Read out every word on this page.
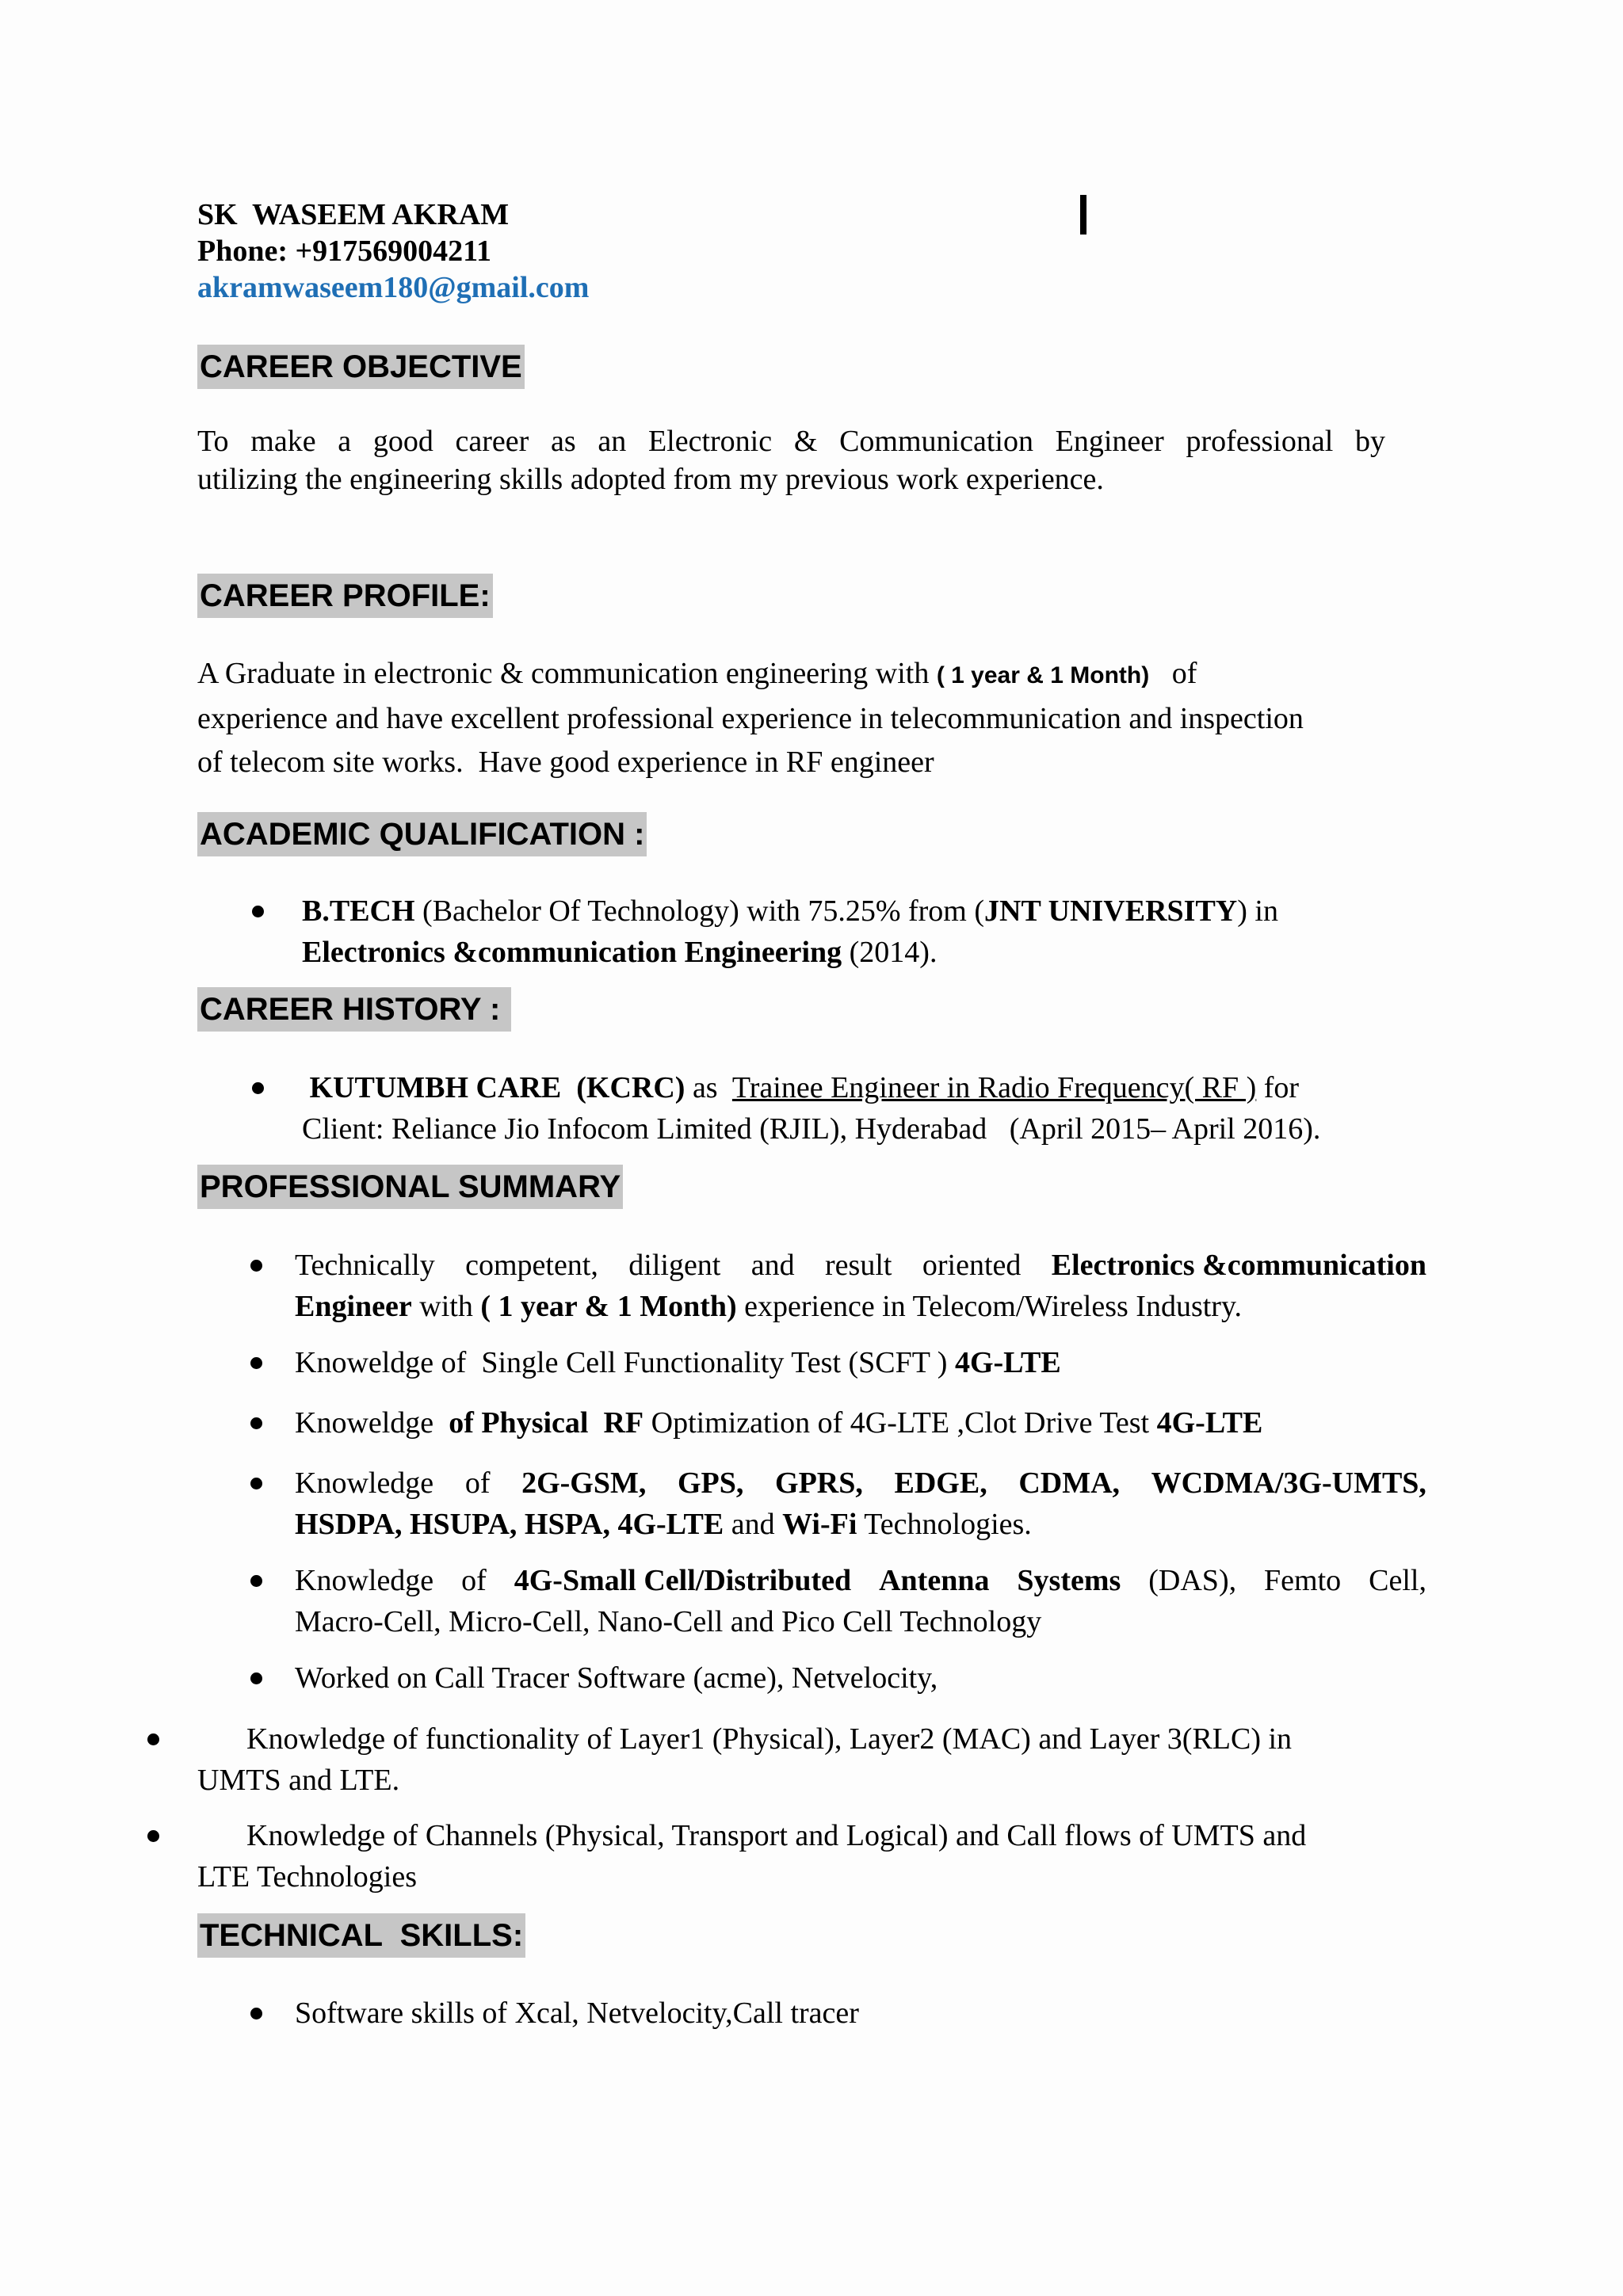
SK  WASEEM AKRAM
Phone: +917569004211
akramwaseem180@gmail.com
CAREER OBJECTIVE
To make a good career as an Electronic & Communication Engineer professional by
utilizing the engineering skills adopted from my previous work experience.
CAREER PROFILE:
A Graduate in electronic & communication engineering with ( 1 year & 1 Month)   of
experience and have excellent professional experience in telecommunication and inspection
of telecom site works.  Have good experience in RF engineer
ACADEMIC QUALIFICATION :
B.TECH (Bachelor Of Technology) with 75.25% from (JNT UNIVERSITY) in
Electronics &communication Engineering (2014).
CAREER HISTORY :
KUTUMBH CARE  (KCRC) as  Trainee Engineer in Radio Frequency( RF ) for
Client: Reliance Jio Infocom Limited (RJIL), Hyderabad   (April 2015– April 2016).
PROFESSIONAL SUMMARY
Technically competent, diligent and result oriented Electronics &communication
Engineer with ( 1 year & 1 Month) experience in Telecom/Wireless Industry.
Knoweldge of  Single Cell Functionality Test (SCFT ) 4G-LTE
Knoweldge  of Physical  RF Optimization of 4G-LTE ,Clot Drive Test 4G-LTE
Knowledge of 2G-GSM, GPS, GPRS, EDGE, CDMA, WCDMA/3G-UMTS,
HSDPA, HSUPA, HSPA, 4G-LTE and Wi-Fi Technologies.
Knowledge of 4G-Small Cell/Distributed Antenna Systems (DAS), Femto Cell,
Macro-Cell, Micro-Cell, Nano-Cell and Pico Cell Technology
Worked on Call Tracer Software (acme), Netvelocity,
Knowledge of functionality of Layer1 (Physical), Layer2 (MAC) and Layer 3(RLC) in
UMTS and LTE.
Knowledge of Channels (Physical, Transport and Logical) and Call flows of UMTS and
LTE Technologies
TECHNICAL  SKILLS:
Software skills of Xcal, Netvelocity,Call tracer
